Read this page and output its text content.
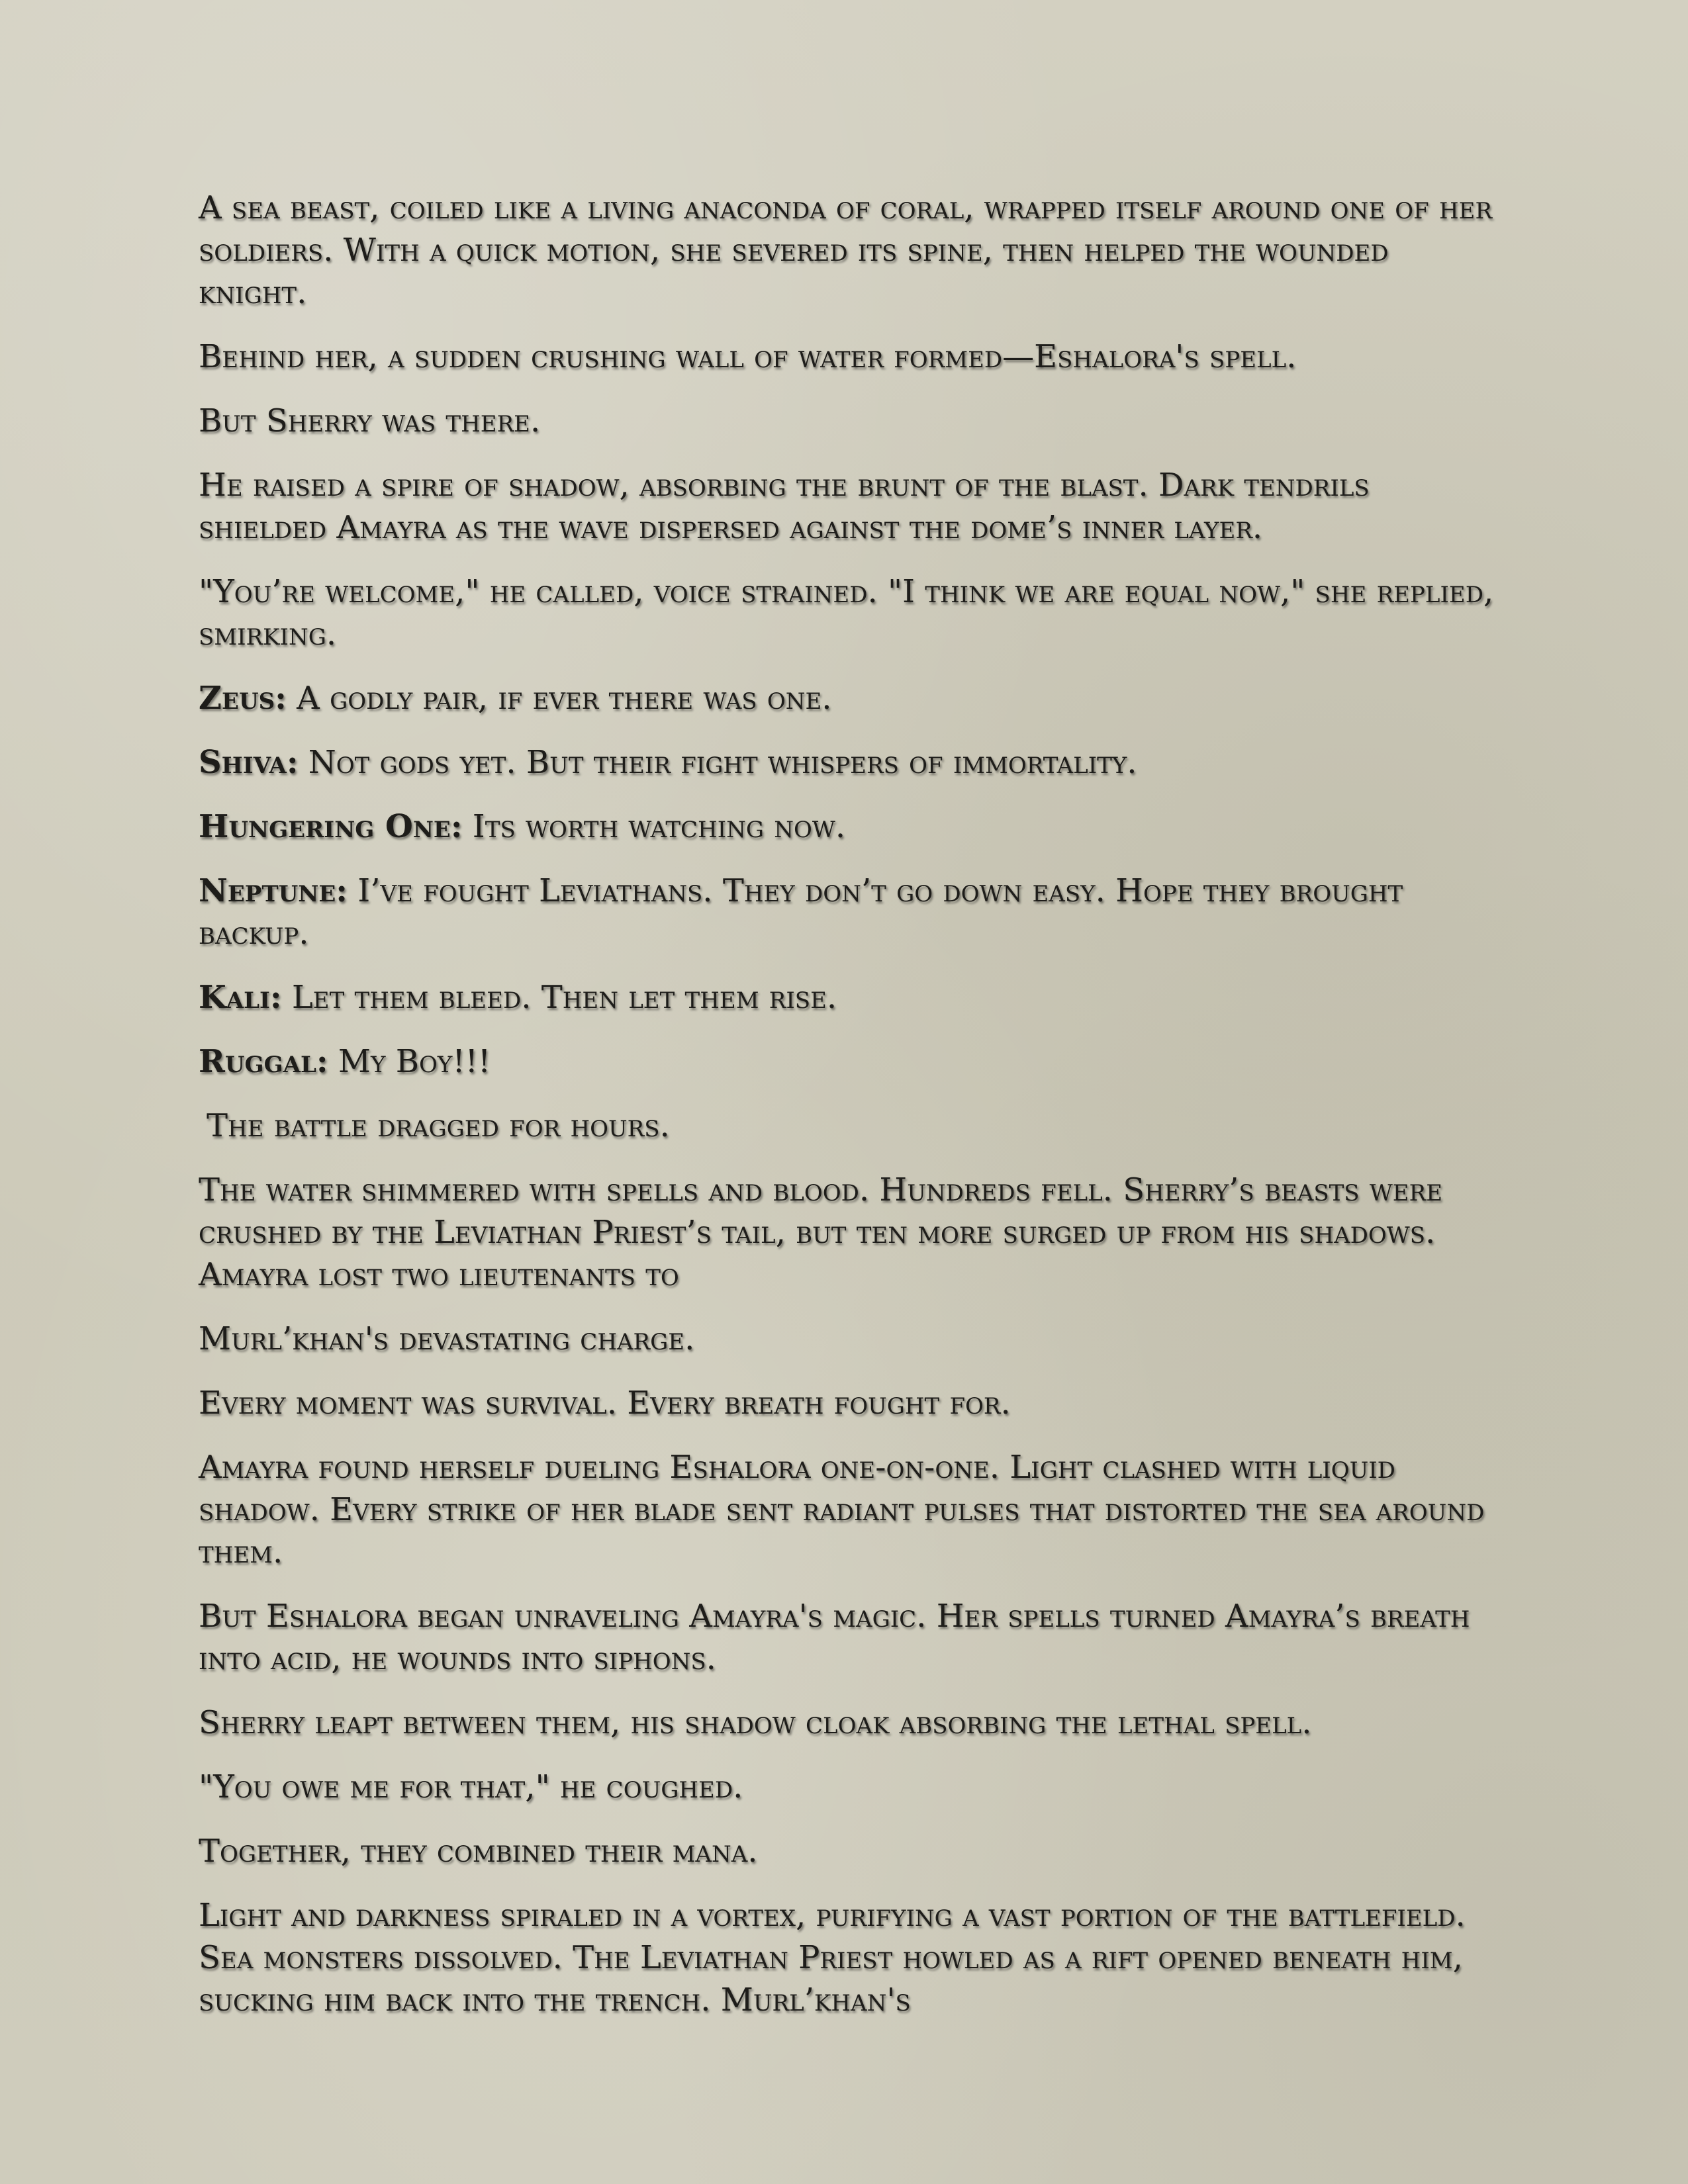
A sea beast, coiled like a living anaconda of coral, wrapped itself around one of her soldiers. With a quick motion, she severed its spine, then helped the wounded knight.

Behind her, a sudden crushing wall of water formed—Eshalora's spell.

But Sherry was there.

He raised a spire of shadow, absorbing the brunt of the blast. Dark tendrils shielded Amayra as the wave dispersed against the dome’s inner layer.

"You’re welcome," he called, voice strained. "I think we are equal now," she replied, smirking.

Zeus: A godly pair, if ever there was one.

Shiva: Not gods yet. But their fight whispers of immortality.

Hungering One: Its worth watching now.

Neptune: I’ve fought Leviathans. They don’t go down easy. Hope they brought backup.

Kali: Let them bleed. Then let them rise.

Ruggal: My Boy!!!

The battle dragged for hours.

The water shimmered with spells and blood. Hundreds fell. Sherry’s beasts were crushed by the Leviathan Priest’s tail, but ten more surged up from his shadows. Amayra lost two lieutenants to

Murl’khan's devastating charge.

Every moment was survival. Every breath fought for.

Amayra found herself dueling Eshalora one-on-one. Light clashed with liquid shadow. Every strike of her blade sent radiant pulses that distorted the sea around them.

But Eshalora began unraveling Amayra's magic. Her spells turned Amayra’s breath into acid, he wounds into siphons.

Sherry leapt between them, his shadow cloak absorbing the lethal spell.

"You owe me for that," he coughed.

Together, they combined their mana.

Light and darkness spiraled in a vortex, purifying a vast portion of the battlefield. Sea monsters dissolved. The Leviathan Priest howled as a rift opened beneath him, sucking him back into the trench. Murl’khan's
